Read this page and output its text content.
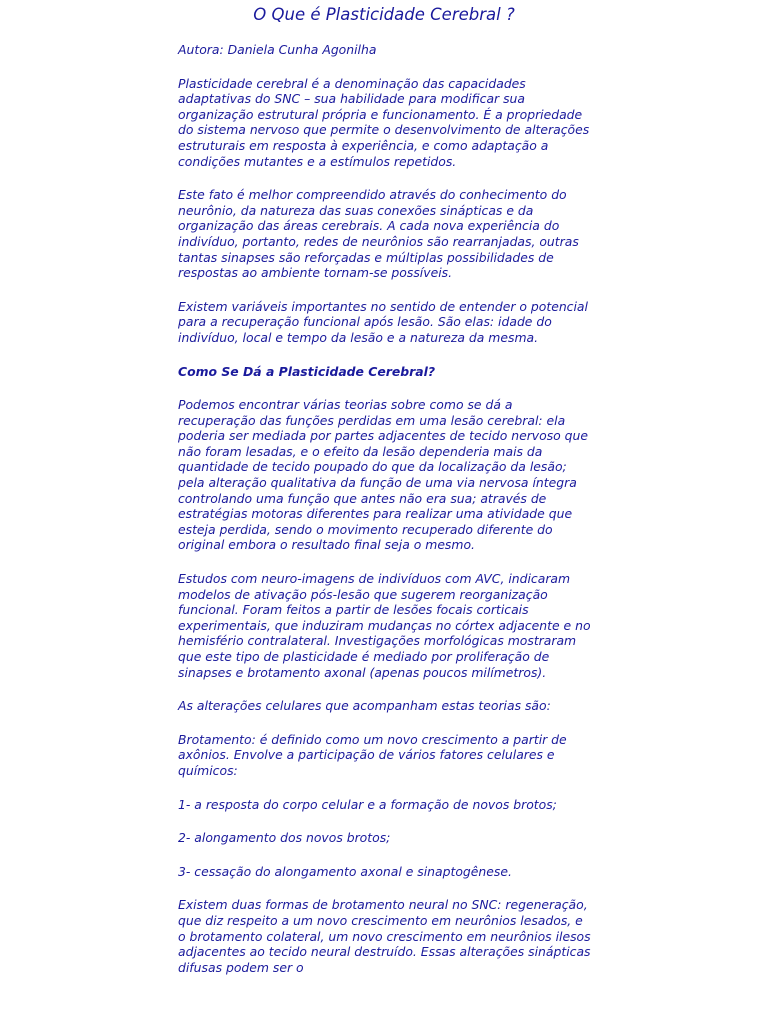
O Que é Plasticidade Cerebral ?

Autora: Daniela Cunha Agonilha

Plasticidade cerebral é a denominação das capacidades adaptativas do SNC – sua habilidade para modificar sua organização estrutural própria e funcionamento. É a propriedade do sistema nervoso que permite o desenvolvimento de alterações estruturais em resposta à experiência, e como adaptação a condições mutantes e a estímulos repetidos.

Este fato é melhor compreendido através do conhecimento do neurônio, da natureza das suas conexões sinápticas e da organização das áreas cerebrais. A cada nova experiência do indivíduo, portanto, redes de neurônios são rearranjadas, outras tantas sinapses são reforçadas e múltiplas possibilidades de respostas ao ambiente tornam-se possíveis.

Existem variáveis importantes no sentido de entender o potencial para a recuperação funcional após lesão. São elas: idade do indivíduo, local e tempo da lesão e a natureza da mesma.

Como Se Dá a Plasticidade Cerebral?

Podemos encontrar várias teorias sobre como se dá a recuperação das funções perdidas em uma lesão cerebral: ela poderia ser mediada por partes adjacentes de tecido nervoso que não foram lesadas, e o efeito da lesão dependeria mais da quantidade de tecido poupado do que da localização da lesão; pela alteração qualitativa da função de uma via nervosa íntegra controlando uma função que antes não era sua; através de estratégias motoras diferentes para realizar uma atividade que esteja perdida, sendo o movimento recuperado diferente do original embora o resultado final seja o mesmo.

Estudos com neuro-imagens de indivíduos com AVC, indicaram modelos de ativação pós-lesão que sugerem reorganização funcional. Foram feitos a partir de lesões focais corticais experimentais, que induziram mudanças no córtex adjacente e no hemisfério contralateral. Investigações morfológicas mostraram que este tipo de plasticidade é mediado por proliferação de sinapses e brotamento axonal (apenas poucos milímetros).

As alterações celulares que acompanham estas teorias são:

Brotamento: é definido como um novo crescimento a partir de axônios. Envolve a participação de vários fatores celulares e químicos:

1- a resposta do corpo celular e a formação de novos brotos;

2- alongamento dos novos brotos;

3- cessação do alongamento axonal e sinaptogênese.

Existem duas formas de brotamento neural no SNC: regeneração, que diz respeito a um novo crescimento em neurônios lesados, e o brotamento colateral, um novo crescimento em neurônios ilesos adjacentes ao tecido neural destruído. Essas alterações sinápticas difusas podem ser o
